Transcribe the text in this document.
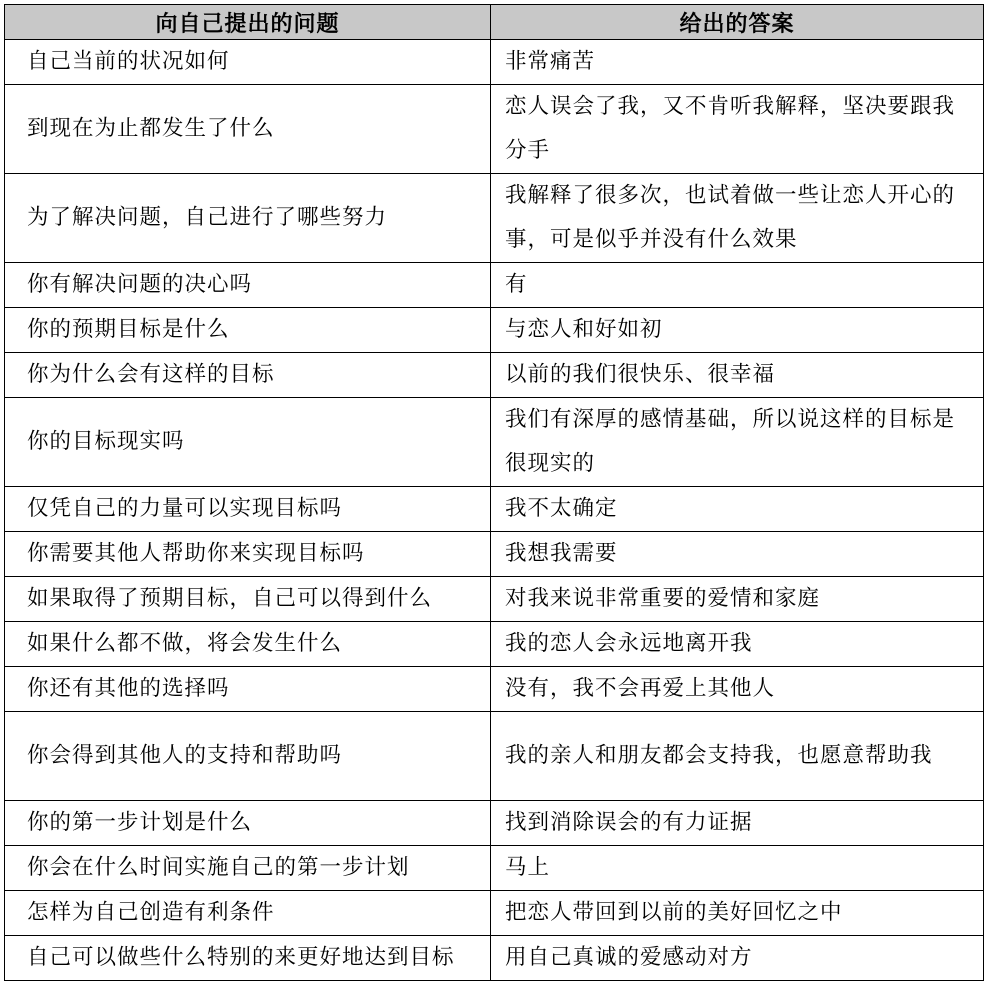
向自己提出的问题	给出的答案
自己当前的状况如何	非常痛苦
到现在为止都发生了什么	恋人误会了我，又不肯听我解释，坚决要跟我分手
为了解决问题，自己进行了哪些努力	我解释了很多次，也试着做一些让恋人开心的事，可是似乎并没有什么效果
你有解决问题的决心吗	有
你的预期目标是什么	与恋人和好如初
你为什么会有这样的目标	以前的我们很快乐、很幸福
你的目标现实吗	我们有深厚的感情基础，所以说这样的目标是很现实的
仅凭自己的力量可以实现目标吗	我不太确定
你需要其他人帮助你来实现目标吗	我想我需要
如果取得了预期目标，自己可以得到什么	对我来说非常重要的爱情和家庭
如果什么都不做，将会发生什么	我的恋人会永远地离开我
你还有其他的选择吗	没有，我不会再爱上其他人
你会得到其他人的支持和帮助吗	我的亲人和朋友都会支持我，也愿意帮助我
你的第一步计划是什么	找到消除误会的有力证据
你会在什么时间实施自己的第一步计划	马上
怎样为自己创造有利条件	把恋人带回到以前的美好回忆之中
自己可以做些什么特别的来更好地达到目标	用自己真诚的爱感动对方
